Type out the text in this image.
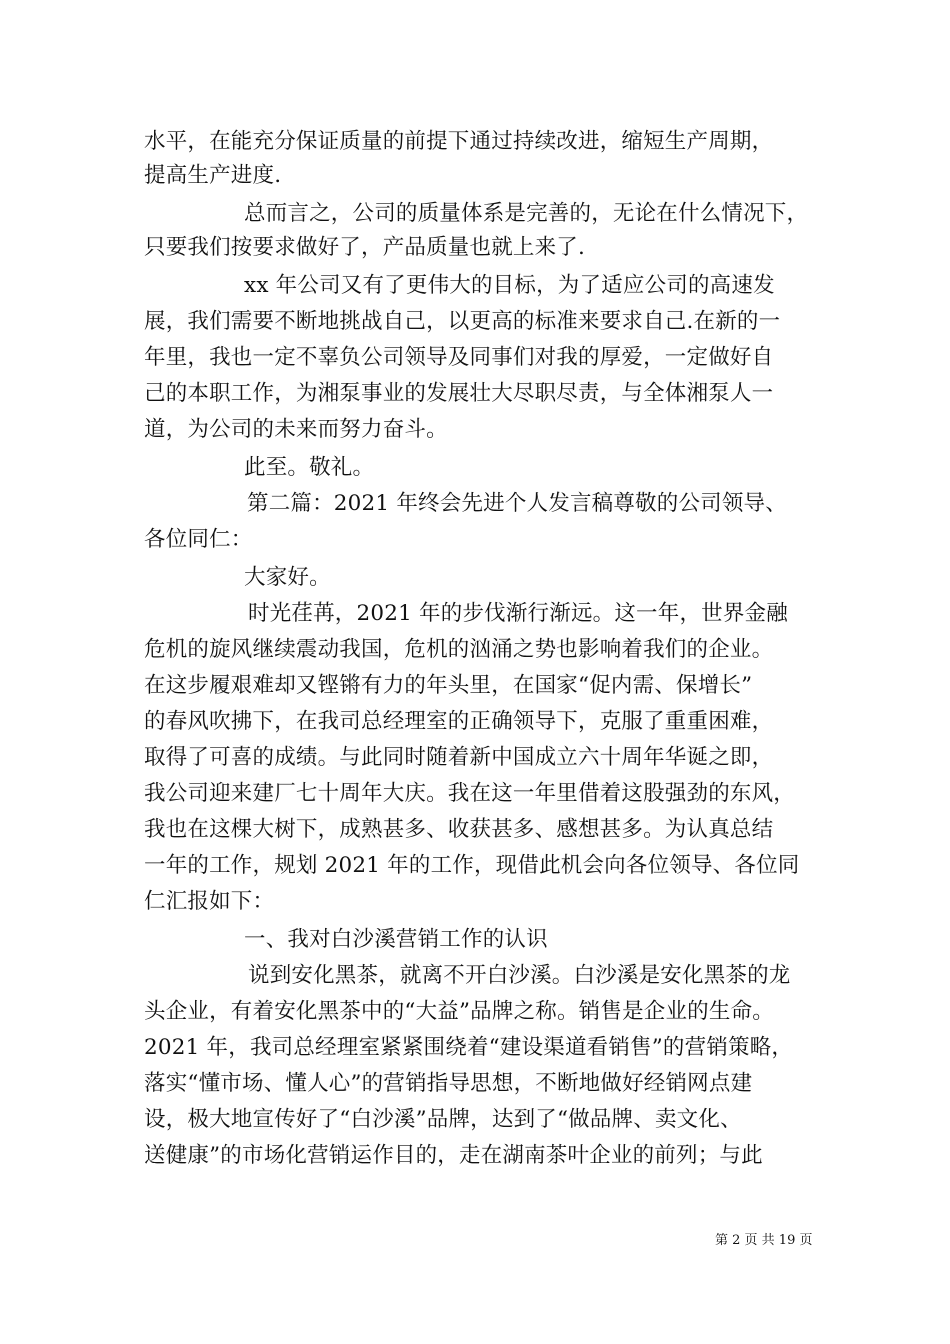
水平，在能充分保证质量的前提下通过持续改进，缩短生产周期，
提高生产进度.
总而言之，公司的质量体系是完善的，无论在什么情况下，
只要我们按要求做好了，产品质量也就上来了.
xx 年公司又有了更伟大的目标，为了适应公司的高速发
展，我们需要不断地挑战自己，以更高的标准来要求自己.在新的一
年里，我也一定不辜负公司领导及同事们对我的厚爱，一定做好自
己的本职工作，为湘泵事业的发展壮大尽职尽责，与全体湘泵人一
道，为公司的未来而努力奋斗。
此至。敬礼。
第二篇：2021 年终会先进个人发言稿尊敬的公司领导、
各位同仁：
大家好。
时光荏苒，2021 年的步伐渐行渐远。这一年，世界金融
危机的旋风继续震动我国，危机的汹涌之势也影响着我们的企业。
在这步履艰难却又铿锵有力的年头里，在国家“促内需、保增长”
的春风吹拂下，在我司总经理室的正确领导下，克服了重重困难，
取得了可喜的成绩。与此同时随着新中国成立六十周年华诞之即，
我公司迎来建厂七十周年大庆。我在这一年里借着这股强劲的东风，
我也在这棵大树下，成熟甚多、收获甚多、感想甚多。为认真总结
一年的工作，规划 2021 年的工作，现借此机会向各位领导、各位同
仁汇报如下：
一、我对白沙溪营销工作的认识
说到安化黑茶，就离不开白沙溪。白沙溪是安化黑茶的龙
头企业，有着安化黑茶中的“大益”品牌之称。销售是企业的生命。
2021 年，我司总经理室紧紧围绕着“建设渠道看销售”的营销策略，
落实“懂市场、懂人心”的营销指导思想，不断地做好经销网点建
设，极大地宣传好了“白沙溪”品牌，达到了“做品牌、卖文化、
送健康”的市场化营销运作目的，走在湖南茶叶企业的前列；与此
第 2 页 共 19 页
